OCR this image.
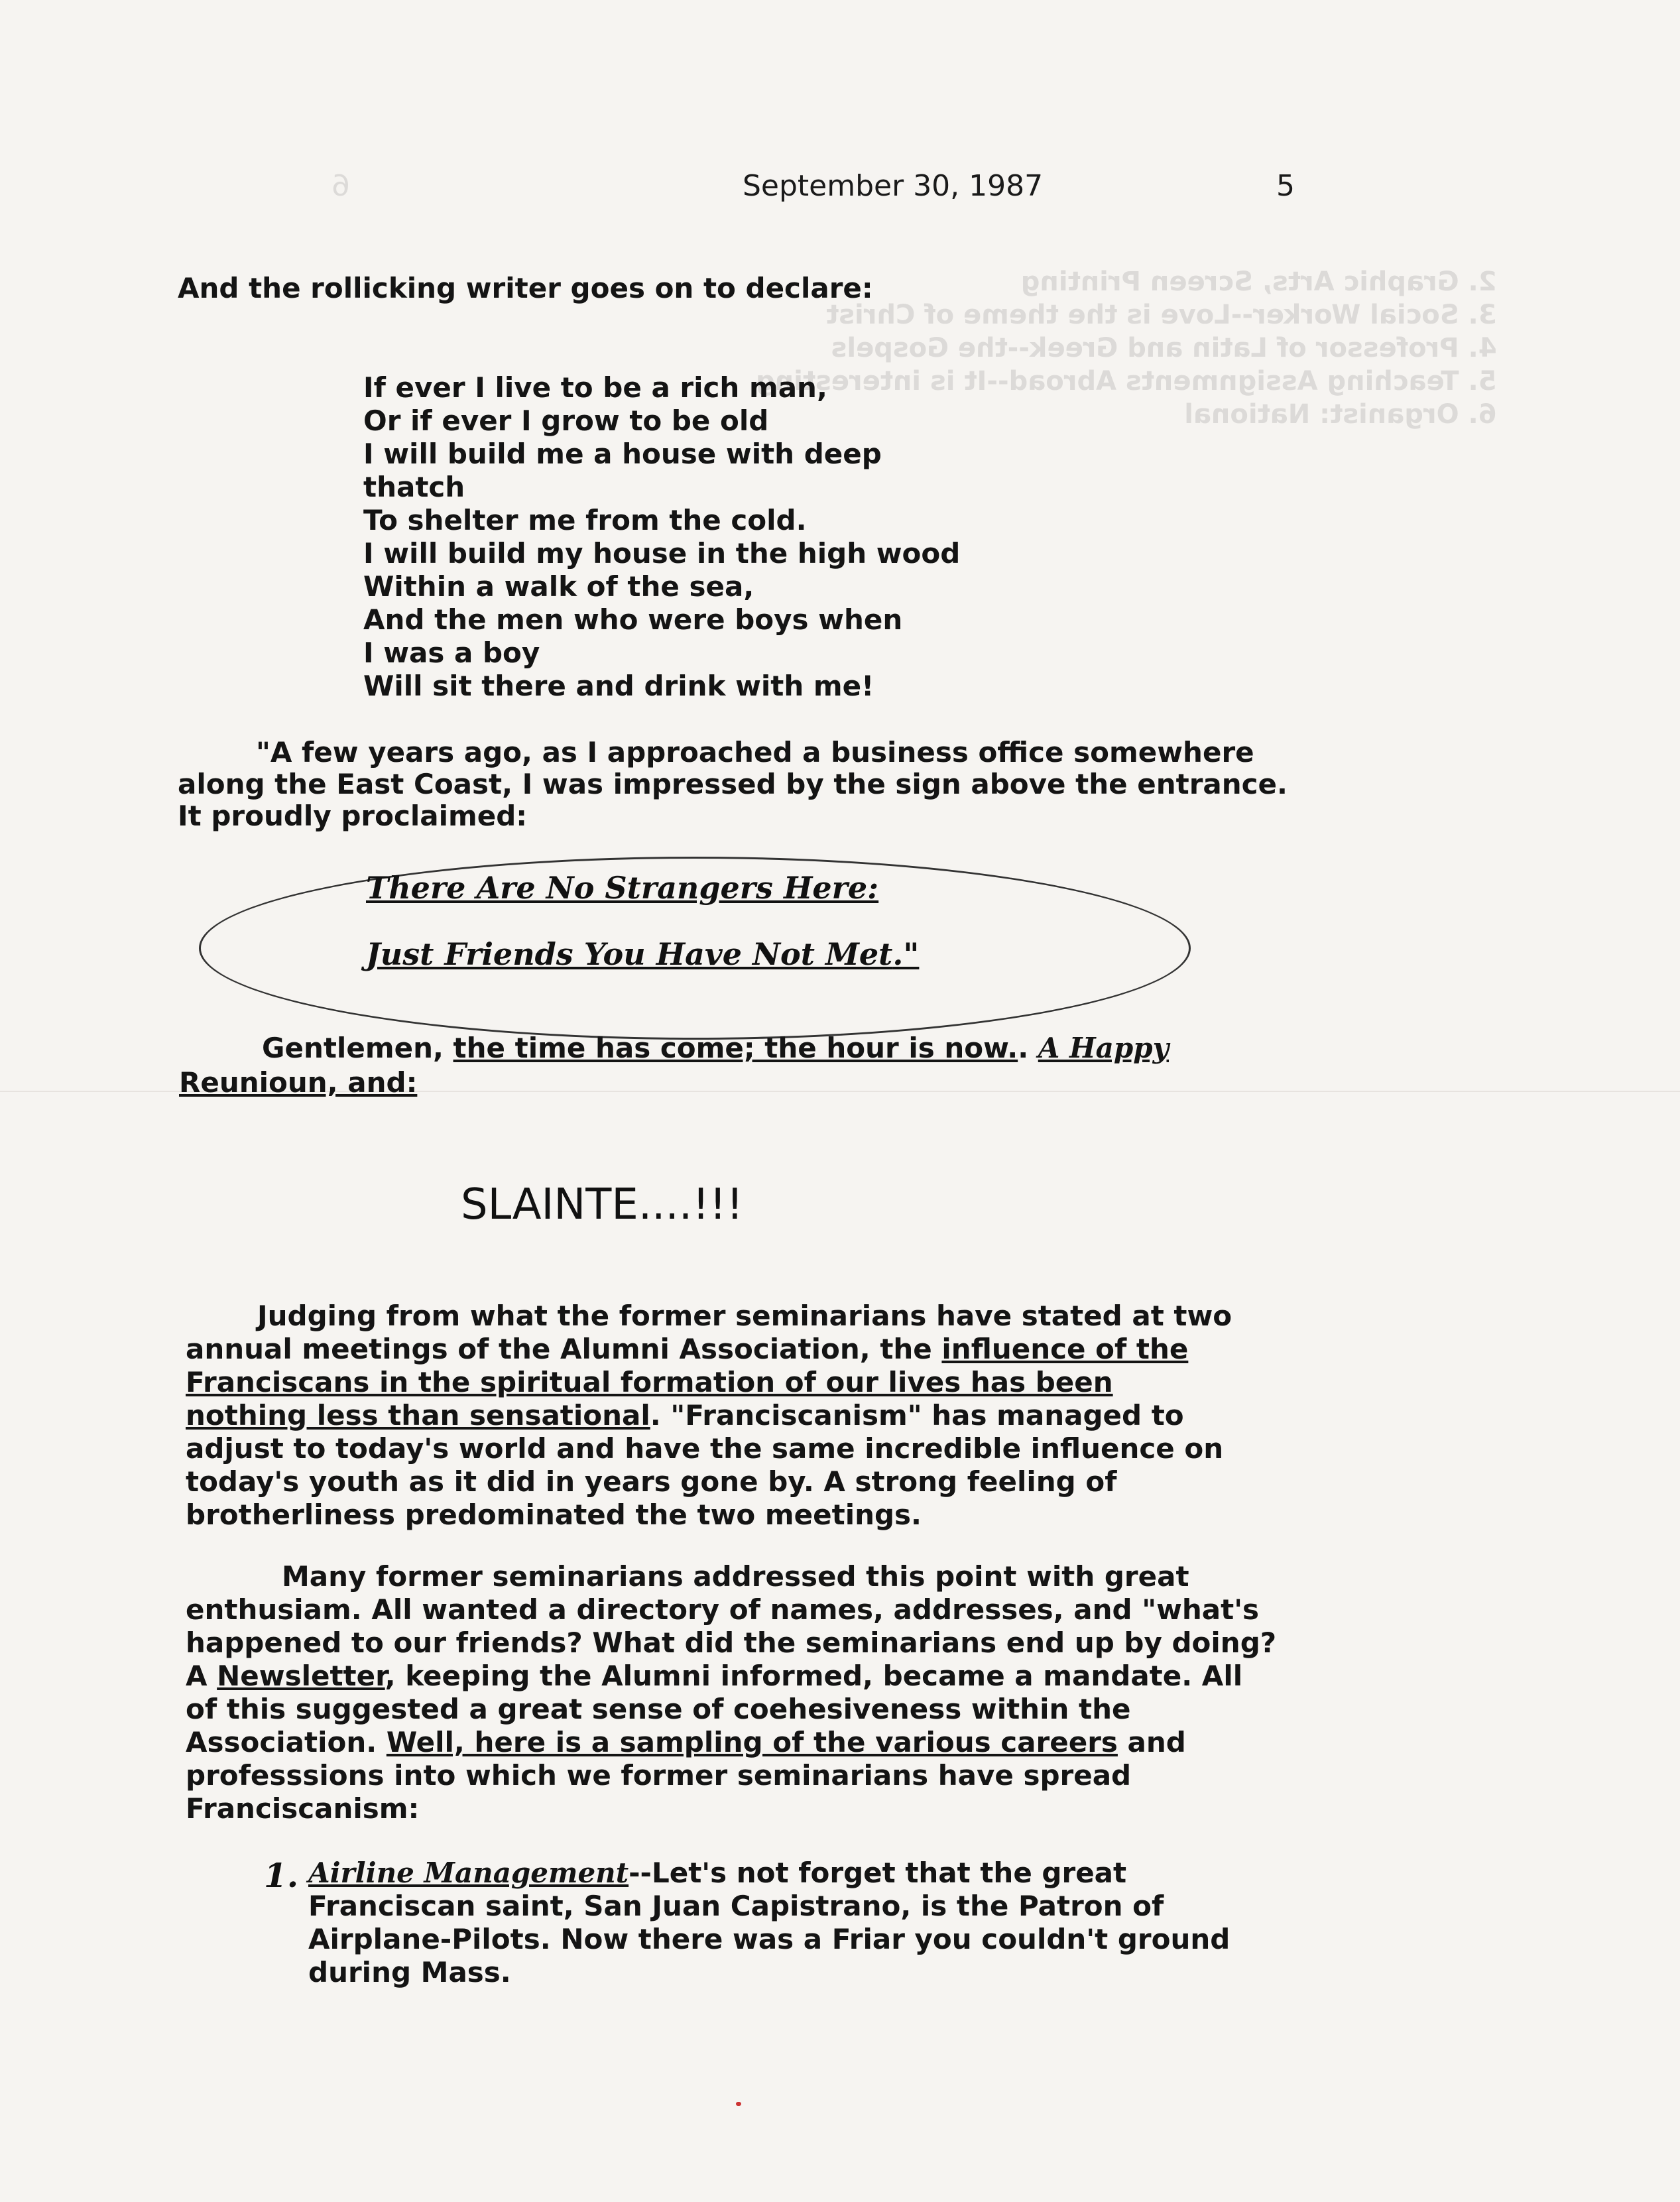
6
2. Graphic Arts, Screen Printing
3. Social Worker--Love is the theme of Christ
4. Professor of Latin and Greek--the Gospels
5. Teaching Assignments Abroad--It is interesting
6. Organist: National
September 30, 1987	5
And the rollicking writer goes on to declare:
If ever I live to be a rich man,
Or if ever I grow to be old
I will build me a house with deep
thatch
To shelter me from the cold.
I will build my house in the high wood
Within a walk of the sea,
And the men who were boys when
I was a boy
Will sit there and drink with me!
"A few years ago, as I approached a business office somewhere
along the East Coast, I was impressed by the sign above the entrance.
It proudly proclaimed:
There Are No Strangers Here:
Just Friends You Have Not Met."
Gentlemen, the time has come; the hour is now.. A Happy
Reunioun, and:
SLAINTE....!!!
Judging from what the former seminarians have stated at two
annual meetings of the Alumni Association, the influence of the
Franciscans in the spiritual formation of our lives has been
nothing less than sensational. "Franciscanism" has managed to
adjust to today's world and have the same incredible influence on
today's youth as it did in years gone by. A strong feeling of
brotherliness predominated the two meetings.
Many former seminarians addressed this point with great
enthusiam. All wanted a directory of names, addresses, and "what's
happened to our friends? What did the seminarians end up by doing?
A Newsletter, keeping the Alumni informed, became a mandate. All
of this suggested a great sense of coehesiveness within the
Association. Well, here is a sampling of the various careers and
professsions into which we former seminarians have spread
Franciscanism:
1. Airline Management--Let's not forget that the great
Franciscan saint, San Juan Capistrano, is the Patron of
Airplane-Pilots. Now there was a Friar you couldn't ground
during Mass.
